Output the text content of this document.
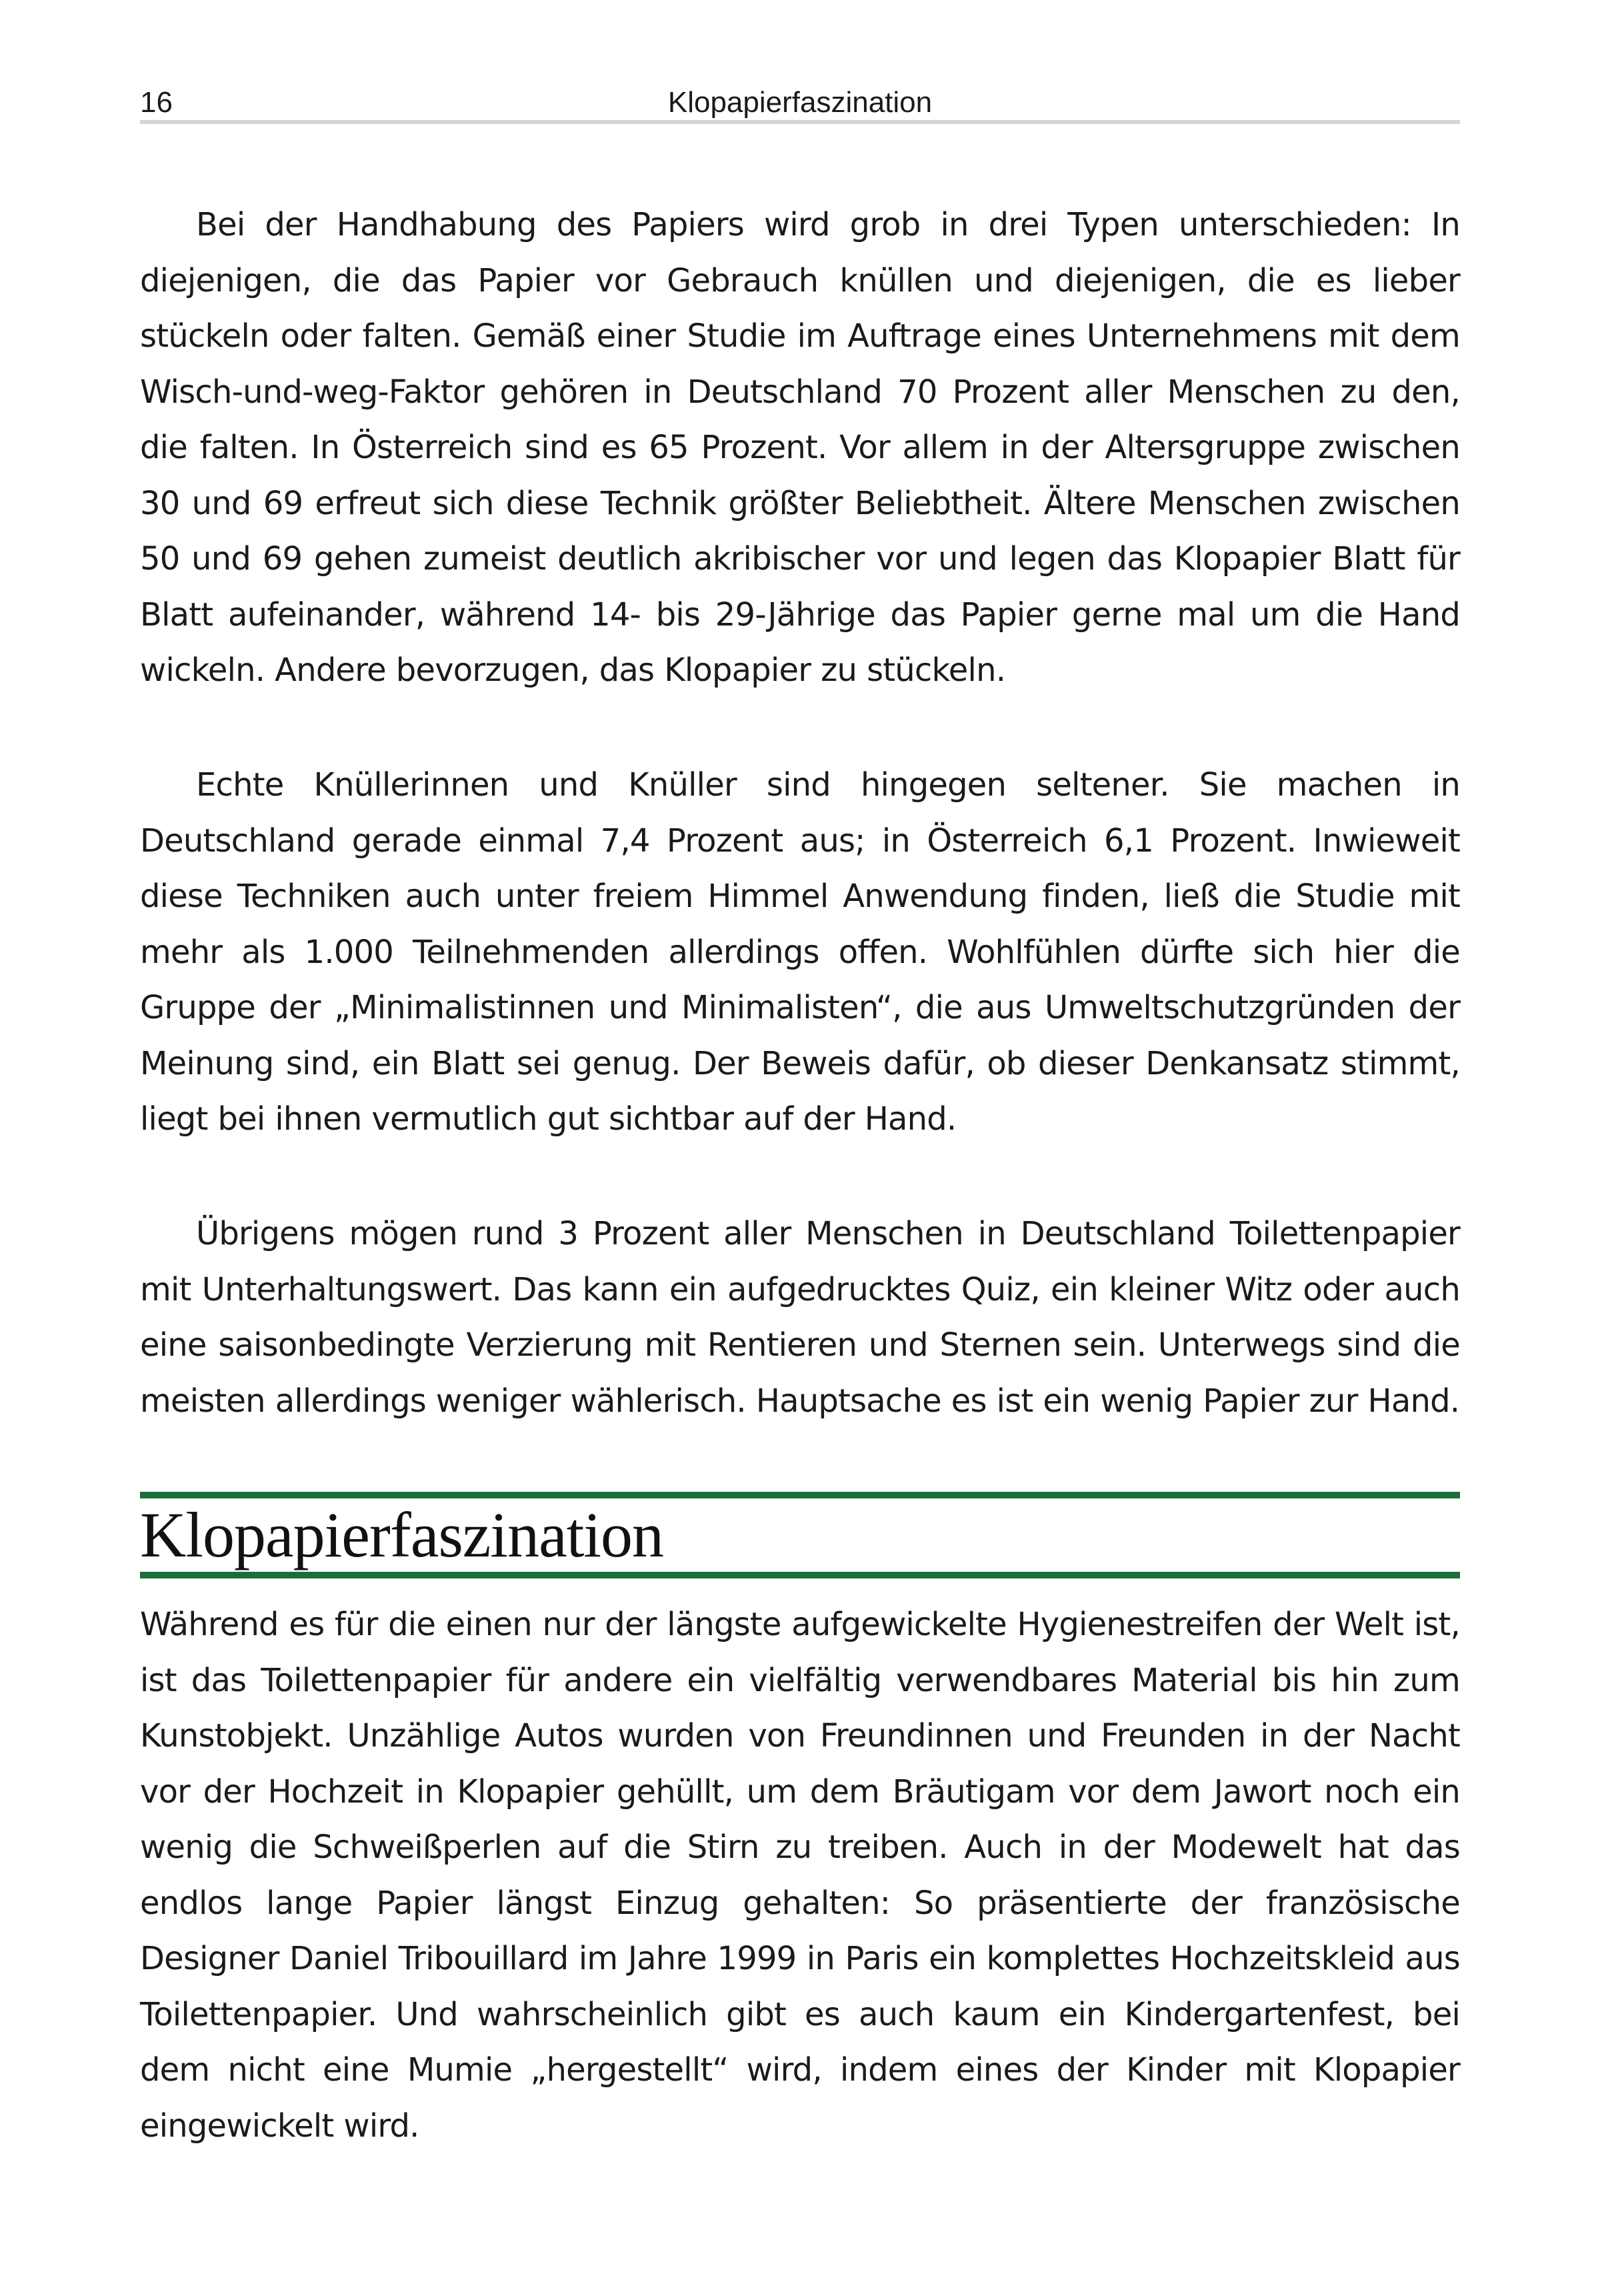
16	Klopapierfaszination

Bei der Handhabung des Papiers wird grob in drei Typen unterschieden: In diejenigen, die das Papier vor Gebrauch knüllen und diejenigen, die es lieber stückeln oder falten. Gemäß einer Studie im Auftrage eines Unternehmens mit dem Wisch-und-weg-Faktor gehören in Deutschland 70 Prozent aller Menschen zu den, die falten. In Österreich sind es 65 Prozent. Vor allem in der Altersgruppe zwischen 30 und 69 erfreut sich diese Technik größter Beliebtheit. Ältere Menschen zwischen 50 und 69 gehen zumeist deutlich akribischer vor und legen das Klopapier Blatt für Blatt aufeinander, während 14- bis 29-Jährige das Papier gerne mal um die Hand wickeln. Andere bevorzugen, das Klopapier zu stückeln.

Echte Knüllerinnen und Knüller sind hingegen seltener. Sie machen in Deutschland gerade einmal 7,4 Prozent aus; in Österreich 6,1 Prozent. Inwieweit diese Techniken auch unter freiem Himmel Anwendung finden, ließ die Studie mit mehr als 1.000 Teilnehmenden allerdings offen. Wohlfühlen dürfte sich hier die Gruppe der „Minimalistinnen und Minimalisten“, die aus Umweltschutzgründen der Meinung sind, ein Blatt sei genug. Der Beweis dafür, ob dieser Denkansatz stimmt, liegt bei ihnen vermutlich gut sichtbar auf der Hand.

Übrigens mögen rund 3 Prozent aller Menschen in Deutschland Toilettenpapier mit Unterhaltungswert. Das kann ein aufgedrucktes Quiz, ein kleiner Witz oder auch eine saisonbedingte Verzierung mit Rentieren und Sternen sein. Unterwegs sind die meisten allerdings weniger wählerisch. Hauptsache es ist ein wenig Papier zur Hand.

Klopapierfaszination

Während es für die einen nur der längste aufgewickelte Hygienestreifen der Welt ist, ist das Toilettenpapier für andere ein vielfältig verwendbares Material bis hin zum Kunstobjekt. Unzählige Autos wurden von Freundinnen und Freunden in der Nacht vor der Hochzeit in Klopapier gehüllt, um dem Bräutigam vor dem Jawort noch ein wenig die Schweißperlen auf die Stirn zu treiben. Auch in der Modewelt hat das endlos lange Papier längst Einzug gehalten: So präsentierte der französische Designer Daniel Tribouillard im Jahre 1999 in Paris ein komplettes Hochzeitskleid aus Toilettenpapier. Und wahrscheinlich gibt es auch kaum ein Kindergartenfest, bei dem nicht eine Mumie „hergestellt“ wird, indem eines der Kinder mit Klopapier eingewickelt wird.
